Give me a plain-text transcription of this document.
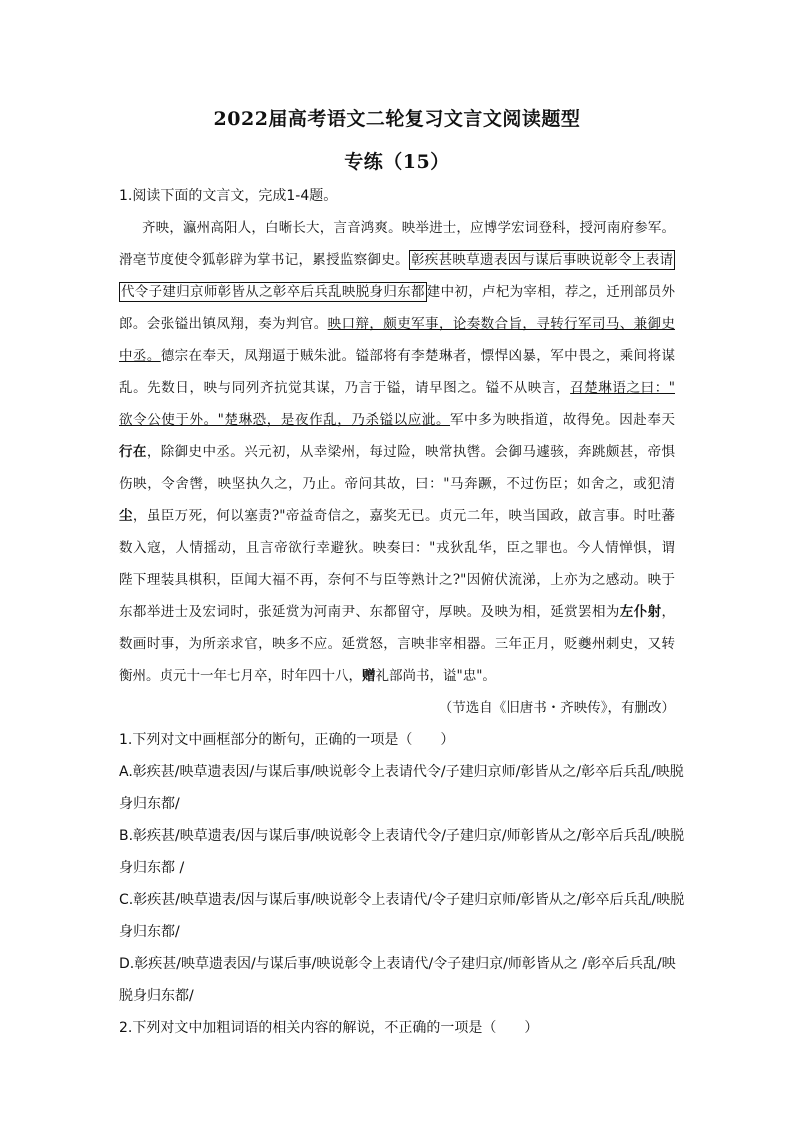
2022届高考语文二轮复习文言文阅读题型
专练（15）
1.阅读下面的文言文，完成1-4题。
齐映，瀛州高阳人，白晰长大，言音鸿爽。映举进士，应博学宏词登科，授河南府参军。
滑亳节度使令狐彰辟为掌书记，累授监察御史。 彰疾甚映草遗表因与谋后事映说彰令上表请
代令子建归京师彰皆从之彰卒后兵乱映脱身归东都 建中初，卢杞为宰相，荐之，迁刑部员外
郎。会张镒出镇凤翔，奏为判官。映口辩，颇吏军事，论奏数合旨，寻转行军司马、兼御史
中丞。德宗在奉天，凤翔逼于贼朱泚。镒部将有李楚琳者，慓悍凶暴，军中畏之，乘间将谋
乱。先数日，映与同列齐抗觉其谋，乃言于镒，请早图之。镒不从映言，召楚琳语之曰："
欲令公使于外。"楚琳恐，是夜作乱，乃杀镒以应泚。军中多为映指道，故得免。因赴奉天
行在，除御史中丞。兴元初，从幸梁州，每过险，映常执辔。会御马遽骇，奔跳颇甚，帝惧
伤映，令舍辔，映坚执久之，乃止。帝问其故，曰："马奔蹶，不过伤臣；如舍之，或犯清
尘，虽臣万死，何以塞责?"帝益奇信之，嘉奖无已。贞元二年，映当国政，啟言事。时吐蕃
数入寇，人情摇动，且言帝欲行幸避狄。映奏曰："戎狄乱华，臣之罪也。今人情惮惧，谓
陛下理装具棋积，臣闻大福不再，奈何不与臣等熟计之?"因俯伏流涕，上亦为之感动。映于
东都举进士及宏词时，张延赏为河南尹、东都留守，厚映。及映为相，延赏罢相为左仆射，
数画时事，为所亲求官，映多不应。延赏怒，言映非宰相器。三年正月，贬夔州刺史，又转
衡州。贞元十一年七月卒，时年四十八，赠礼部尚书，谥"忠"。
（节选自《旧唐书・齐映传》，有删改）
1.下列对文中画框部分的断句，正确的一项是（　　）
A.彰疾甚/映草遗表因/与谋后事/映说彰令上表请代令/子建归京师/彰皆从之/彰卒后兵乱/映脱
身归东都/
B.彰疾甚/映草遗表/因与谋后事/映说彰令上表请代令/子建归京/师彰皆从之/彰卒后兵乱/映脱
身归东都 /
C.彰疾甚/映草遗表/因与谋后事/映说彰令上表请代/令子建归京师/彰皆从之/彰卒后兵乱/映脱
身归东都/
D.彰疾甚/映草遗表因/与谋后事/映说彰令上表请代/令子建归京/师彰皆从之 /彰卒后兵乱/映
脱身归东都/
2.下列对文中加粗词语的相关内容的解说，不正确的一项是（　　）
